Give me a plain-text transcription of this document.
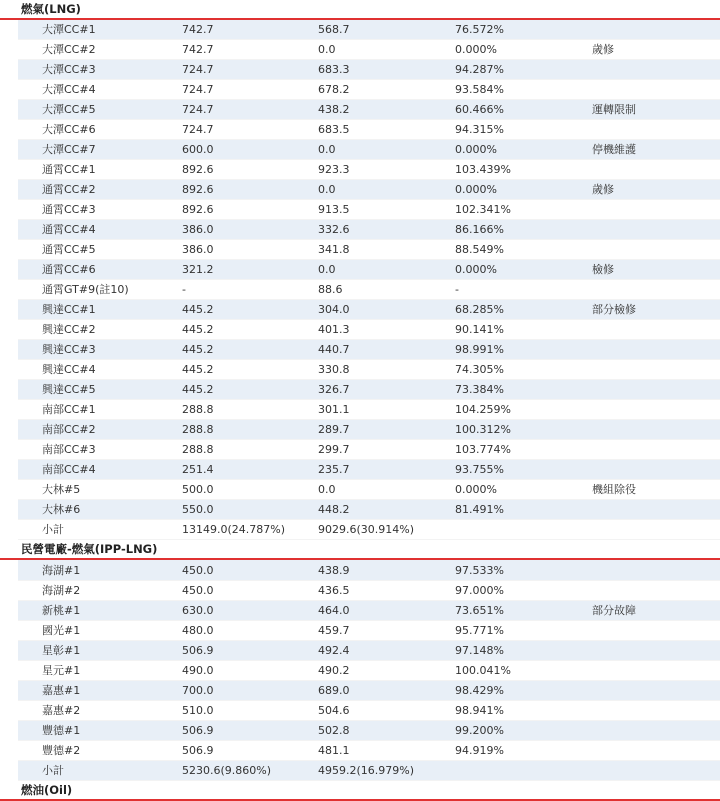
燃氣(LNG)
大潭CC#1	742.7	568.7	76.572%	
大潭CC#2	742.7	0.0	0.000%	歲修
大潭CC#3	724.7	683.3	94.287%	
大潭CC#4	724.7	678.2	93.584%	
大潭CC#5	724.7	438.2	60.466%	運轉限制
大潭CC#6	724.7	683.5	94.315%	
大潭CC#7	600.0	0.0	0.000%	停機維護
通霄CC#1	892.6	923.3	103.439%	
通霄CC#2	892.6	0.0	0.000%	歲修
通霄CC#3	892.6	913.5	102.341%	
通霄CC#4	386.0	332.6	86.166%	
通霄CC#5	386.0	341.8	88.549%	
通霄CC#6	321.2	0.0	0.000%	檢修
通霄GT#9(註10)	-	88.6	-	
興達CC#1	445.2	304.0	68.285%	部分檢修
興達CC#2	445.2	401.3	90.141%	
興達CC#3	445.2	440.7	98.991%	
興達CC#4	445.2	330.8	74.305%	
興達CC#5	445.2	326.7	73.384%	
南部CC#1	288.8	301.1	104.259%	
南部CC#2	288.8	289.7	100.312%	
南部CC#3	288.8	299.7	103.774%	
南部CC#4	251.4	235.7	93.755%	
大林#5	500.0	0.0	0.000%	機組除役
大林#6	550.0	448.2	81.491%	
小計	13149.0(24.787%)	9029.6(30.914%)		
民營電廠-燃氣(IPP-LNG)
海湖#1	450.0	438.9	97.533%	
海湖#2	450.0	436.5	97.000%	
新桃#1	630.0	464.0	73.651%	部分故障
國光#1	480.0	459.7	95.771%	
星彰#1	506.9	492.4	97.148%	
星元#1	490.0	490.2	100.041%	
嘉惠#1	700.0	689.0	98.429%	
嘉惠#2	510.0	504.6	98.941%	
豐德#1	506.9	502.8	99.200%	
豐德#2	506.9	481.1	94.919%	
小計	5230.6(9.860%)	4959.2(16.979%)		
燃油(Oil)
